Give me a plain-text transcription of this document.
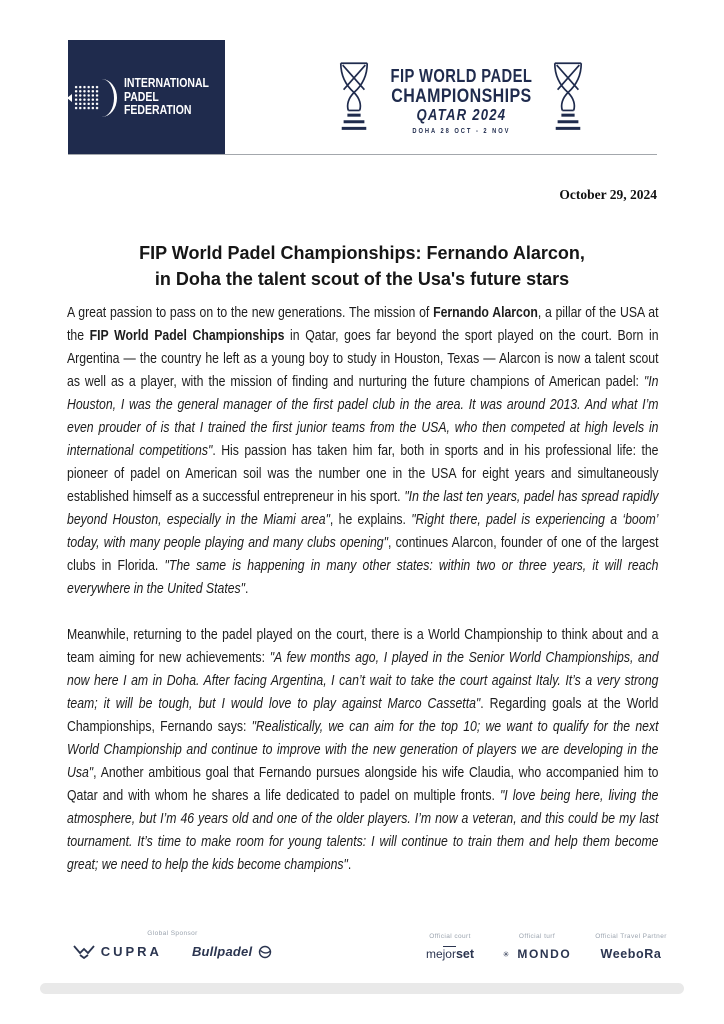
INTERNATIONAL
PADEL
FEDERATION
FIP WORLD PADEL
CHAMPIONSHIPS
QATAR 2024
DOHA 28 OCT - 2 NOV
October 29, 2024
FIP World Padel Championships: Fernando Alarcon,
in Doha the talent scout of the Usa's future stars

A great passion to pass on to the new generations. The mission of Fernando Alarcon, a pillar of the USA at the FIP World Padel Championships in Qatar, goes far beyond the sport played on the court. Born in Argentina — the country he left as a young boy to study in Houston, Texas — Alarcon is now a talent scout as well as a player, with the mission of finding and nurturing the future champions of American padel: "In Houston, I was the general manager of the first padel club in the area. It was around 2013. And what I’m even prouder of is that I trained the first junior teams from the USA, who then competed at high levels in international competitions". His passion has taken him far, both in sports and in his professional life: the pioneer of padel on American soil was the number one in the USA for eight years and simultaneously established himself as a successful entrepreneur in his sport. "In the last ten years, padel has spread rapidly beyond Houston, especially in the Miami area", he explains. "Right there, padel is experiencing a ‘boom’ today, with many people playing and many clubs opening", continues Alarcon, founder of one of the largest clubs in Florida. "The same is happening in many other states: within two or three years, it will reach everywhere in the United States".

Meanwhile, returning to the padel played on the court, there is a World Championship to think about and a team aiming for new achievements: "A few months ago, I played in the Senior World Championships, and now here I am in Doha. After facing Argentina, I can’t wait to take the court against Italy. It’s a very strong team; it will be tough, but I would love to play against Marco Cassetta". Regarding goals at the World Championships, Fernando says: "Realistically, we can aim for the top 10; we want to qualify for the next World Championship and continue to improve with the new generation of players we are developing in the Usa", Another ambitious goal that Fernando pursues alongside his wife Claudia, who accompanied him to Qatar and with whom he shares a life dedicated to padel on multiple fronts. "I love being here, living the atmosphere, but I’m 46 years old and one of the older players. I’m now a veteran, and this could be my last tournament. It’s time to make room for young talents: I will continue to train them and help them become great; we need to help the kids become champions".

Global Sponsor
CUPRA Bullpadel
Official court
mejorset
Official turf
✳ MONDO
Official Travel Partner
WeeboRa
